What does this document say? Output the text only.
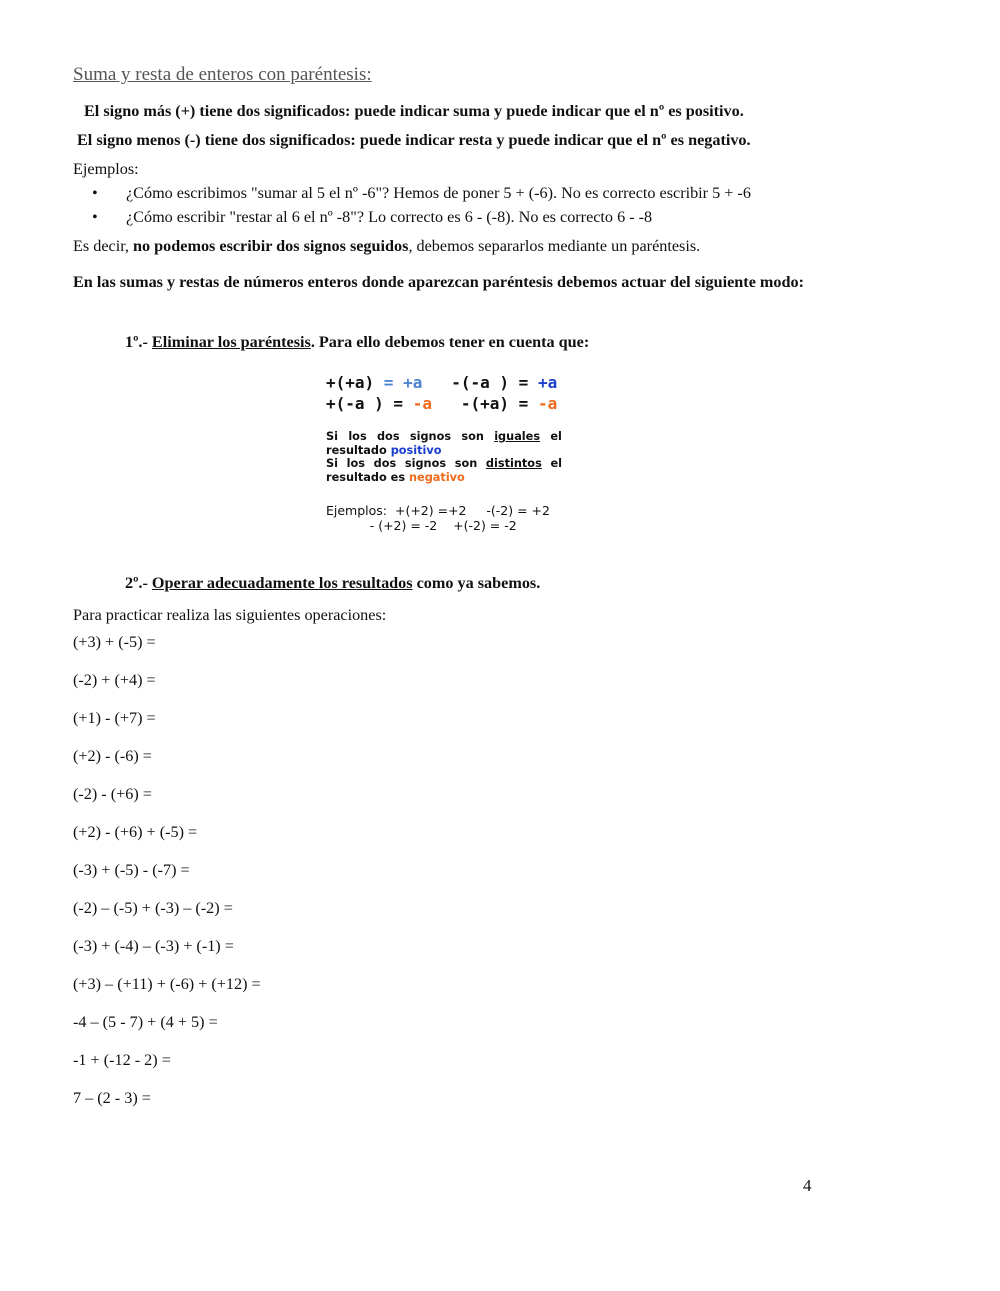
Suma y resta de enteros con paréntesis:
El signo más (+) tiene dos significados: puede indicar suma y puede indicar que el nº es positivo.
El signo menos (-) tiene dos significados: puede indicar resta y puede indicar que el nº es negativo.
Ejemplos:
• ¿Cómo escribimos "sumar al 5 el nº -6"? Hemos de poner 5 + (-6). No es correcto escribir 5 + -6
• ¿Cómo escribir "restar al 6 el nº -8"? Lo correcto es 6 - (-8). No es correcto 6 - -8
Es decir, no podemos escribir dos signos seguidos, debemos separarlos mediante un paréntesis.
En las sumas y restas de números enteros donde aparezcan paréntesis debemos actuar del siguiente modo:
1º.- Eliminar los paréntesis. Para ello debemos tener en cuenta que:
+(+a) = +a -(-a ) = +a
+(-a ) = -a -(+a) = -a
Si los dos signos son iguales el
resultado positivo
Si los dos signos son distintos el
resultado es negativo
Ejemplos:  +(+2) =+2     -(-2) = +2
- (+2) = -2    +(-2) = -2
2º.- Operar adecuadamente los resultados como ya sabemos.
Para practicar realiza las siguientes operaciones:
(+3) + (-5) =
(-2) + (+4) =
(+1) - (+7) =
(+2) - (-6) =
(-2) - (+6) =
(+2) - (+6) + (-5) =
(-3) + (-5) - (-7) =
(-2) – (-5) + (-3) – (-2) =
(-3) + (-4) – (-3) + (-1) =
(+3) – (+11) + (-6) + (+12) =
-4 – (5 - 7) + (4 + 5) =
-1 + (-12 - 2) =
7 – (2 - 3) =
4
